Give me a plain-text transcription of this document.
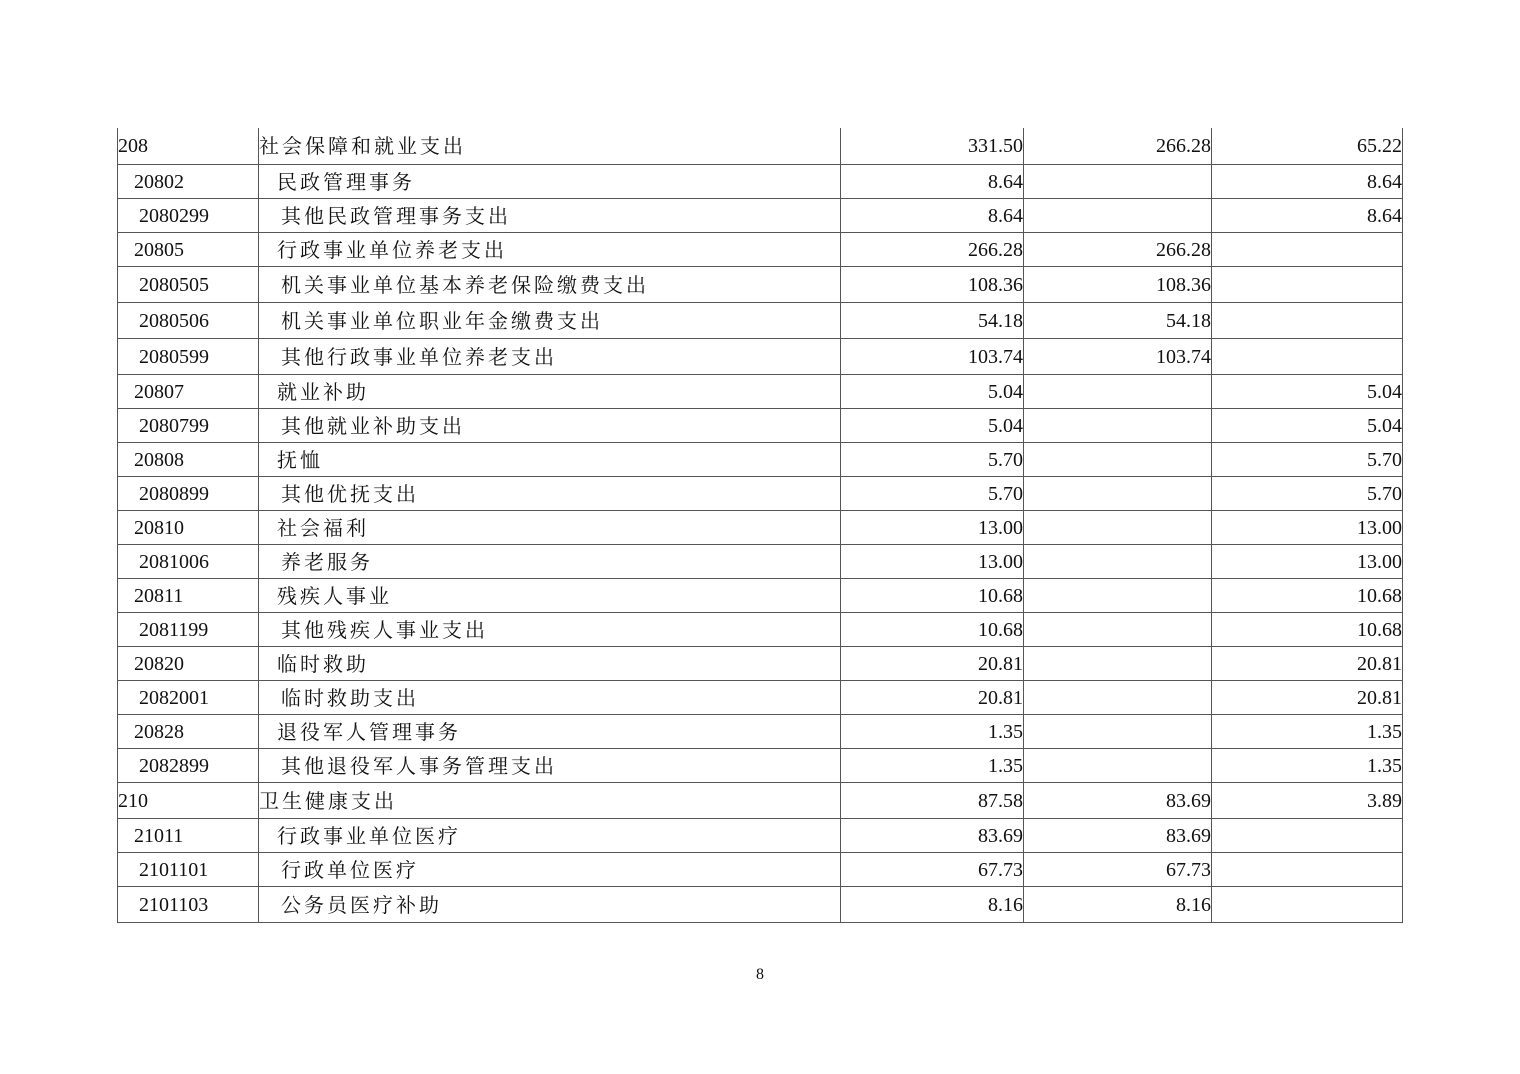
208	社会保障和就业支出	331.50	266.28	65.22
20802	民政管理事务	8.64		8.64
2080299	其他民政管理事务支出	8.64		8.64
20805	行政事业单位养老支出	266.28	266.28	
2080505	机关事业单位基本养老保险缴费支出	108.36	108.36	
2080506	机关事业单位职业年金缴费支出	54.18	54.18	
2080599	其他行政事业单位养老支出	103.74	103.74	
20807	就业补助	5.04		5.04
2080799	其他就业补助支出	5.04		5.04
20808	抚恤	5.70		5.70
2080899	其他优抚支出	5.70		5.70
20810	社会福利	13.00		13.00
2081006	养老服务	13.00		13.00
20811	残疾人事业	10.68		10.68
2081199	其他残疾人事业支出	10.68		10.68
20820	临时救助	20.81		20.81
2082001	临时救助支出	20.81		20.81
20828	退役军人管理事务	1.35		1.35
2082899	其他退役军人事务管理支出	1.35		1.35
210	卫生健康支出	87.58	83.69	3.89
21011	行政事业单位医疗	83.69	83.69	
2101101	行政单位医疗	67.73	67.73	
2101103	公务员医疗补助	8.16	8.16	
8
